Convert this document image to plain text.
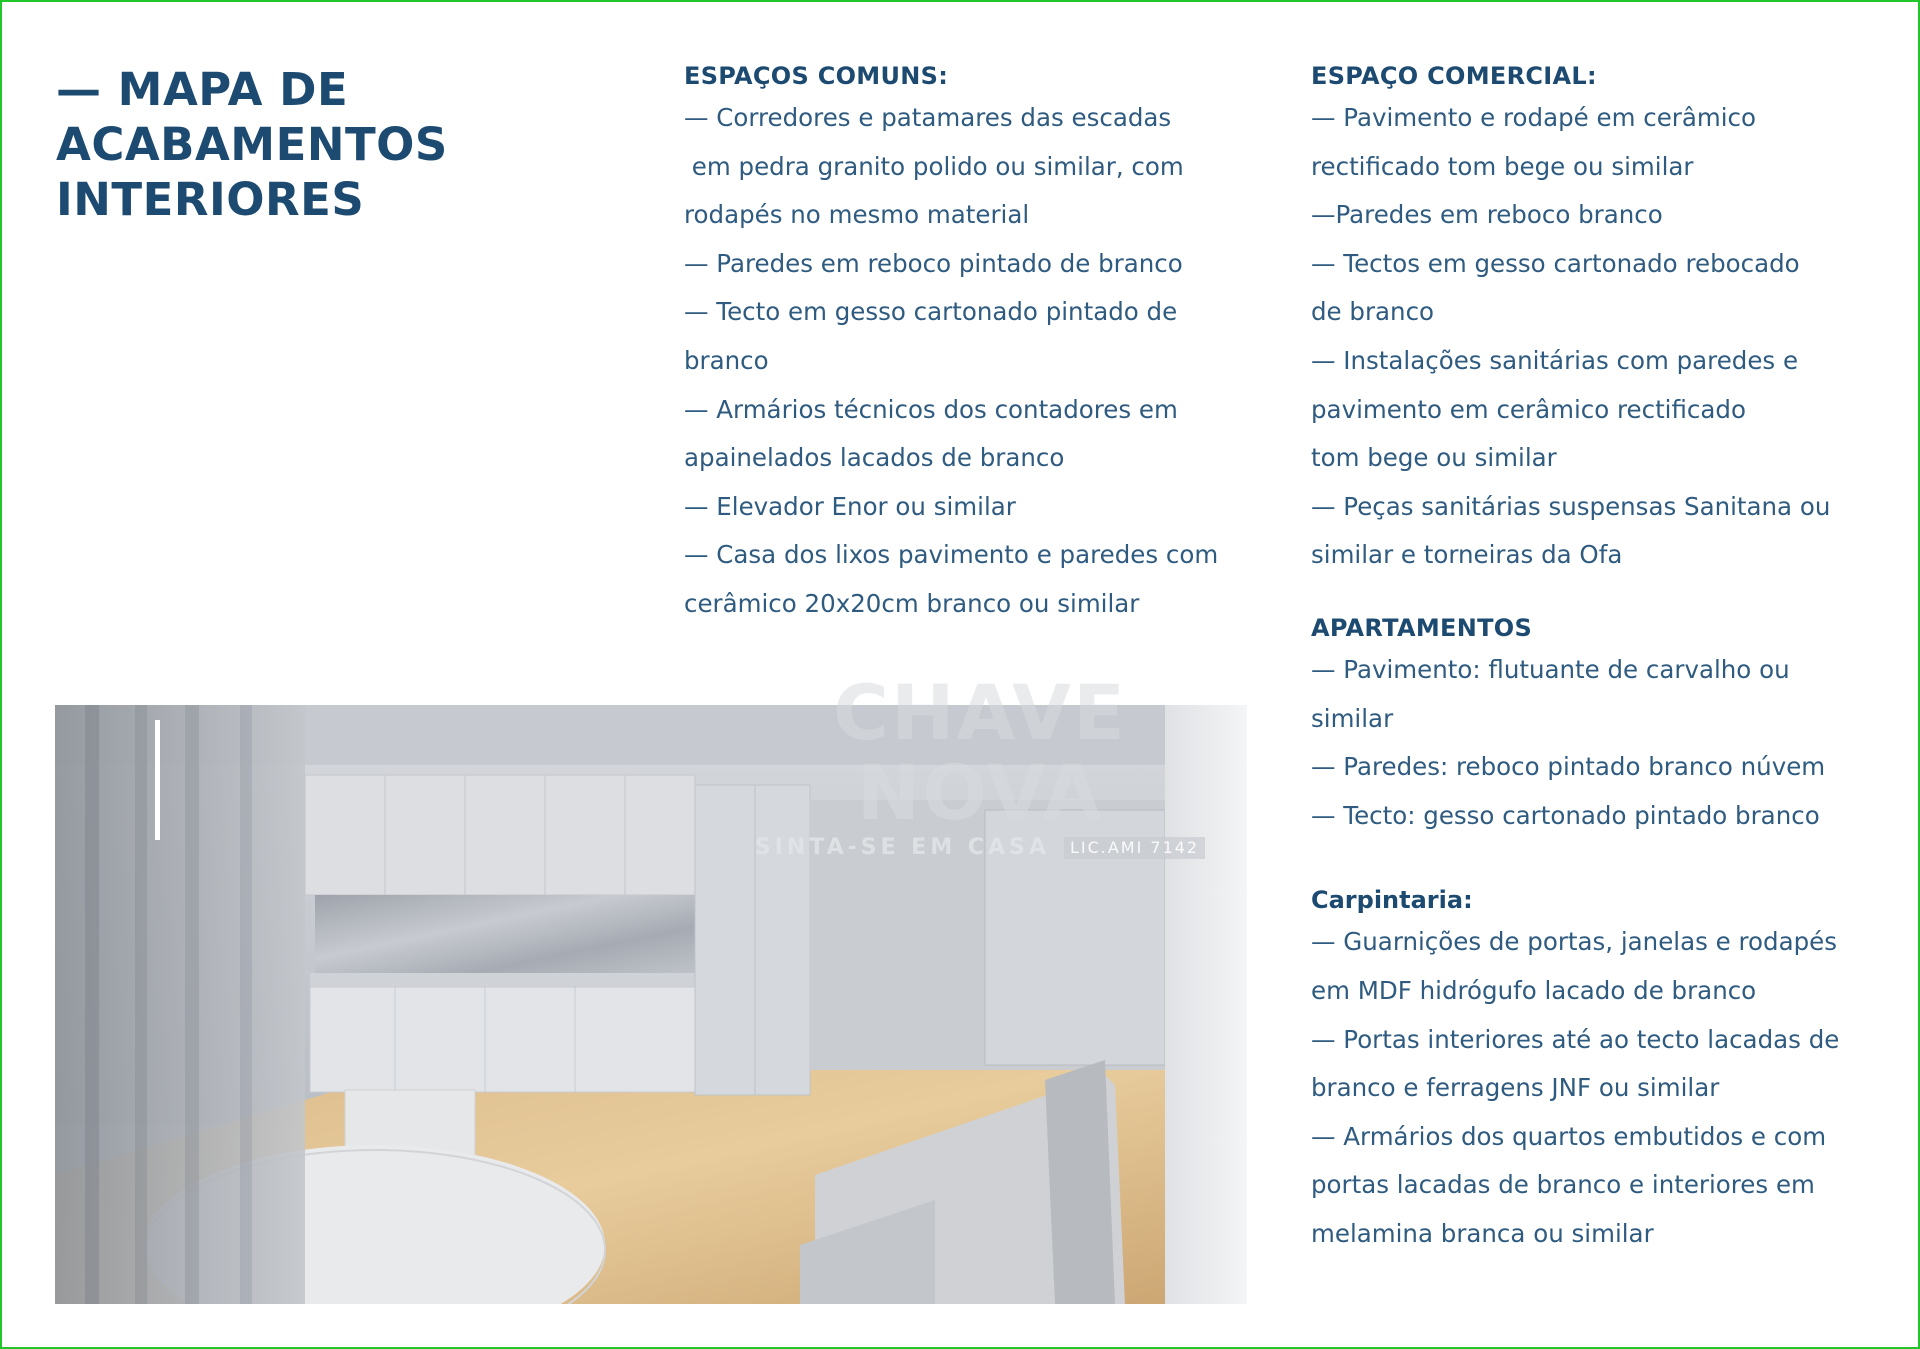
— MAPA DE ACABAMENTOS INTERIORES
ESPAÇOS COMUNS:

— Corredores e patamares das escadas

em pedra granito polido ou similar, com

rodapés no mesmo material

— Paredes em reboco pintado de branco

— Tecto em gesso cartonado pintado de

branco

— Armários técnicos dos contadores em

apainelados lacados de branco

— Elevador Enor ou similar

— Casa dos lixos pavimento e paredes com

cerâmico 20x20cm branco ou similar

ESPAÇO COMERCIAL:

— Pavimento e rodapé em cerâmico

rectificado tom bege ou similar

—Paredes em reboco branco

— Tectos em gesso cartonado rebocado

de branco

— Instalações sanitárias com paredes e

pavimento em cerâmico rectificado

tom bege ou similar

— Peças sanitárias suspensas Sanitana ou

similar e torneiras da Ofa

APARTAMENTOS

— Pavimento: flutuante de carvalho ou

similar

— Paredes: reboco pintado branco núvem

— Tecto: gesso cartonado pintado branco

Carpintaria:

— Guarnições de portas, janelas e rodapés

em MDF hidrógufo lacado de branco

— Portas interiores até ao tecto lacadas de

branco e ferragens JNF ou similar

— Armários dos quartos embutidos e com

portas lacadas de branco e interiores em

melamina branca ou similar

CHAVE NOVA
SINTA-SE EM CASA LIC.AMI 7142
